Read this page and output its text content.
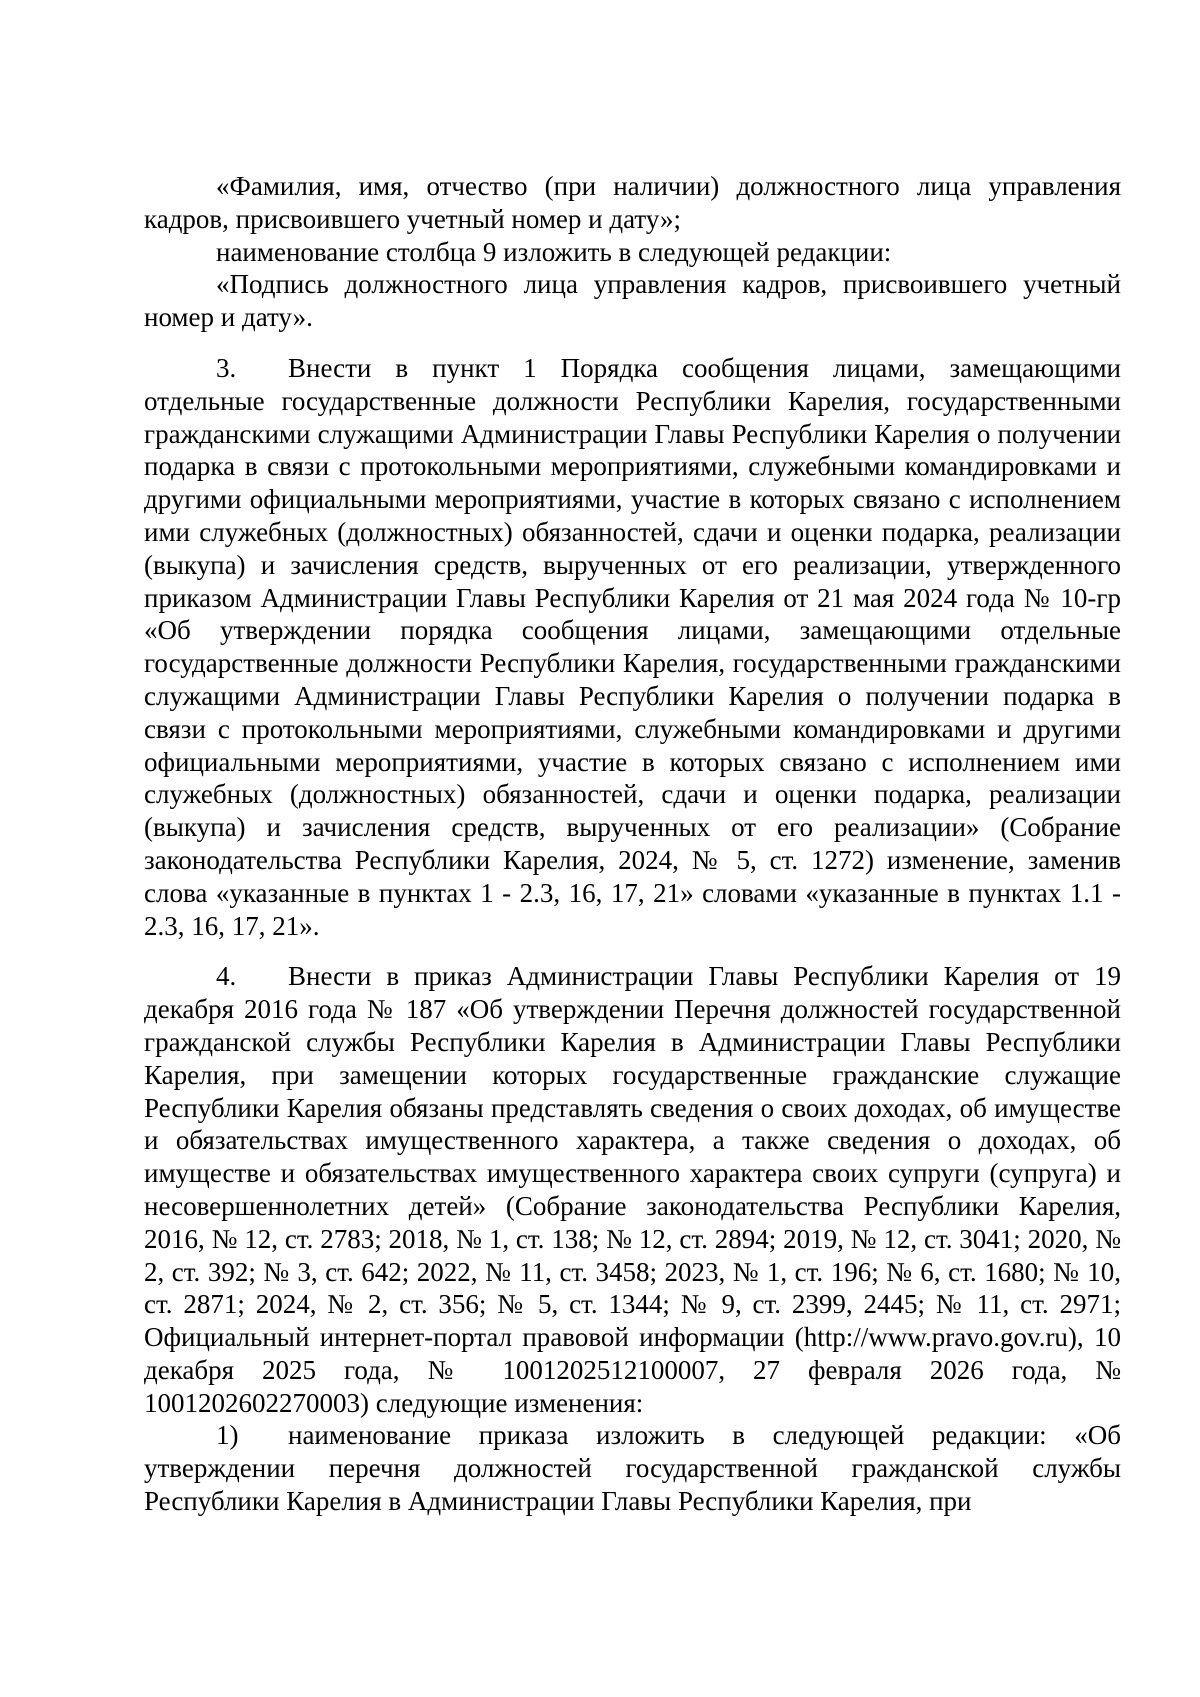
«Фамилия, имя, отчество (при наличии) должностного лица управления кадров, присвоившего учетный номер и дату»;

наименование столбца 9 изложить в следующей редакции:

«Подпись должностного лица управления кадров, присвоившего учетный номер и дату».

3. Внести в пункт 1 Порядка сообщения лицами, замещающими отдельные государственные должности Республики Карелия, государственными гражданскими служащими Администрации Главы Республики Карелия о получении подарка в связи с протокольными мероприятиями, служебными командировками и другими официальными мероприятиями, участие в которых связано с исполнением ими служебных (должностных) обязанностей, сдачи и оценки подарка, реализации (выкупа) и зачисления средств, вырученных от его реализации, утвержденного приказом Администрации Главы Республики Карелия от 21 мая 2024 года № 10-гр «Об утверждении порядка сообщения лицами, замещающими отдельные государственные должности Республики Карелия, государственными гражданскими служащими Администрации Главы Республики Карелия о получении подарка в связи с протокольными мероприятиями, служебными командировками и другими официальными мероприятиями, участие в которых связано с исполнением ими служебных (должностных) обязанностей, сдачи и оценки подарка, реализации (выкупа) и зачисления средств, вырученных от его реализации» (Собрание законодательства Республики Карелия, 2024, № 5, ст. 1272) изменение, заменив слова «указанные в пунктах 1 - 2.3, 16, 17, 21» словами «указанные в пунктах 1.1 - 2.3, 16, 17, 21».

4. Внести в приказ Администрации Главы Республики Карелия от 19 декабря 2016 года № 187 «Об утверждении Перечня должностей государственной гражданской службы Республики Карелия в Администрации Главы Республики Карелия, при замещении которых государственные гражданские служащие Республики Карелия обязаны представлять сведения о своих доходах, об имуществе и обязательствах имущественного характера, а также сведения о доходах, об имуществе и обязательствах имущественного характера своих супруги (супруга) и несовершеннолетних детей» (Собрание законодательства Республики Карелия, 2016, № 12, ст. 2783; 2018, № 1, ст. 138; № 12, ст. 2894; 2019, № 12, ст. 3041; 2020, № 2, ст. 392; № 3, ст. 642; 2022, № 11, ст. 3458; 2023, № 1, ст. 196; № 6, ст. 1680; № 10, ст. 2871; 2024, № 2, ст. 356; № 5, ст. 1344; № 9, ст. 2399, 2445; № 11, ст. 2971; Официальный интернет-портал правовой информации (http://www.pravo.gov.ru), 10 декабря 2025 года, № 1001202512100007, 27 февраля 2026 года, № 1001202602270003) следующие изменения:

1) наименование приказа изложить в следующей редакции: «Об утверждении перечня должностей государственной гражданской службы Республики Карелия в Администрации Главы Республики Карелия, при
